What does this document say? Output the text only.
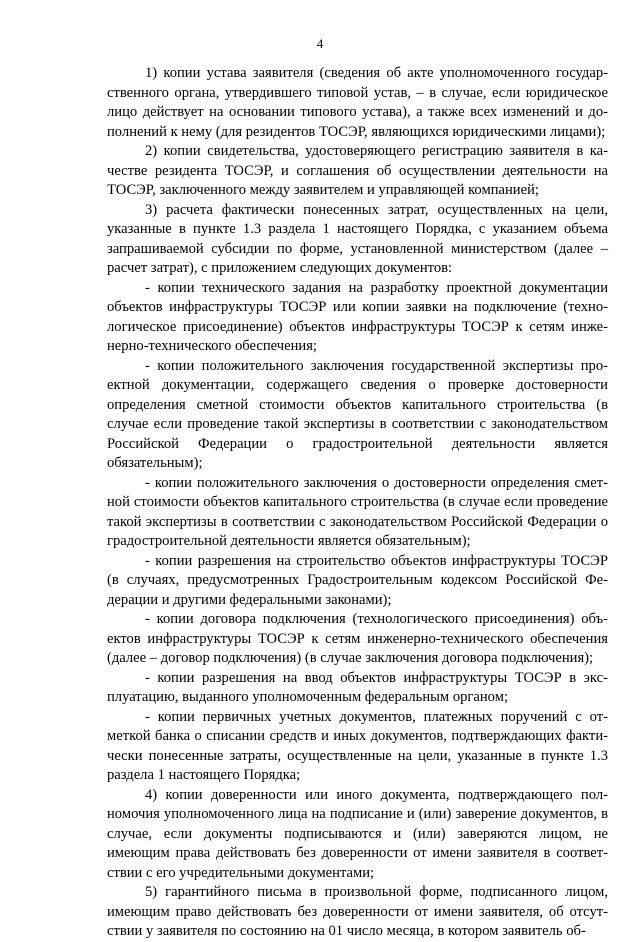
4

1) копии устава заявителя (сведения об акте уполномоченного государственного органа, утвердившего типовой устав, – в случае, если юридическое лицо действует на основании типового устава), а также всех изменений и дополнений к нему (для резидентов ТОСЭР, являющихся юридическими лицами);

2) копии свидетельства, удостоверяющего регистрацию заявителя в качестве резидента ТОСЭР, и соглашения об осуществлении деятельности на ТОСЭР, заключенного между заявителем и управляющей компанией;

3) расчета фактически понесенных затрат, осуществленных на цели, указанные в пункте 1.3 раздела 1 настоящего Порядка, с указанием объема запрашиваемой субсидии по форме, установленной министерством (далее – расчет затрат), с приложением следующих документов:

- копии технического задания на разработку проектной документации объектов инфраструктуры ТОСЭР или копии заявки на подключение (технологическое присоединение) объектов инфраструктуры ТОСЭР к сетям инженерно-технического обеспечения;

- копии положительного заключения государственной экспертизы проектной документации, содержащего сведения о проверке достоверности определения сметной стоимости объектов капитального строительства (в случае если проведение такой экспертизы в соответствии с законодательством Российской Федерации о градостроительной деятельности является обязательным);

- копии положительного заключения о достоверности определения сметной стоимости объектов капитального строительства (в случае если проведение такой экспертизы в соответствии с законодательством Российской Федерации о градостроительной деятельности является обязательным);

- копии разрешения на строительство объектов инфраструктуры ТОСЭР (в случаях, предусмотренных Градостроительным кодексом Российской Федерации и другими федеральными законами);

- копии договора подключения (технологического присоединения) объектов инфраструктуры ТОСЭР к сетям инженерно-технического обеспечения (далее – договор подключения) (в случае заключения договора подключения);

- копии разрешения на ввод объектов инфраструктуры ТОСЭР в эксплуатацию, выданного уполномоченным федеральным органом;

- копии первичных учетных документов, платежных поручений с отметкой банка о списании средств и иных документов, подтверждающих фактически понесенные затраты, осуществленные на цели, указанные в пункте 1.3 раздела 1 настоящего Порядка;

4) копии доверенности или иного документа, подтверждающего полномочия уполномоченного лица на подписание и (или) заверение документов, в случае, если документы подписываются и (или) заверяются лицом, не имеющим права действовать без доверенности от имени заявителя в соответствии с его учредительными документами;

5) гарантийного письма в произвольной форме, подписанного лицом, имеющим право действовать без доверенности от имени заявителя, об отсутствии у заявителя по состоянию на 01 число месяца, в котором заявитель об-
